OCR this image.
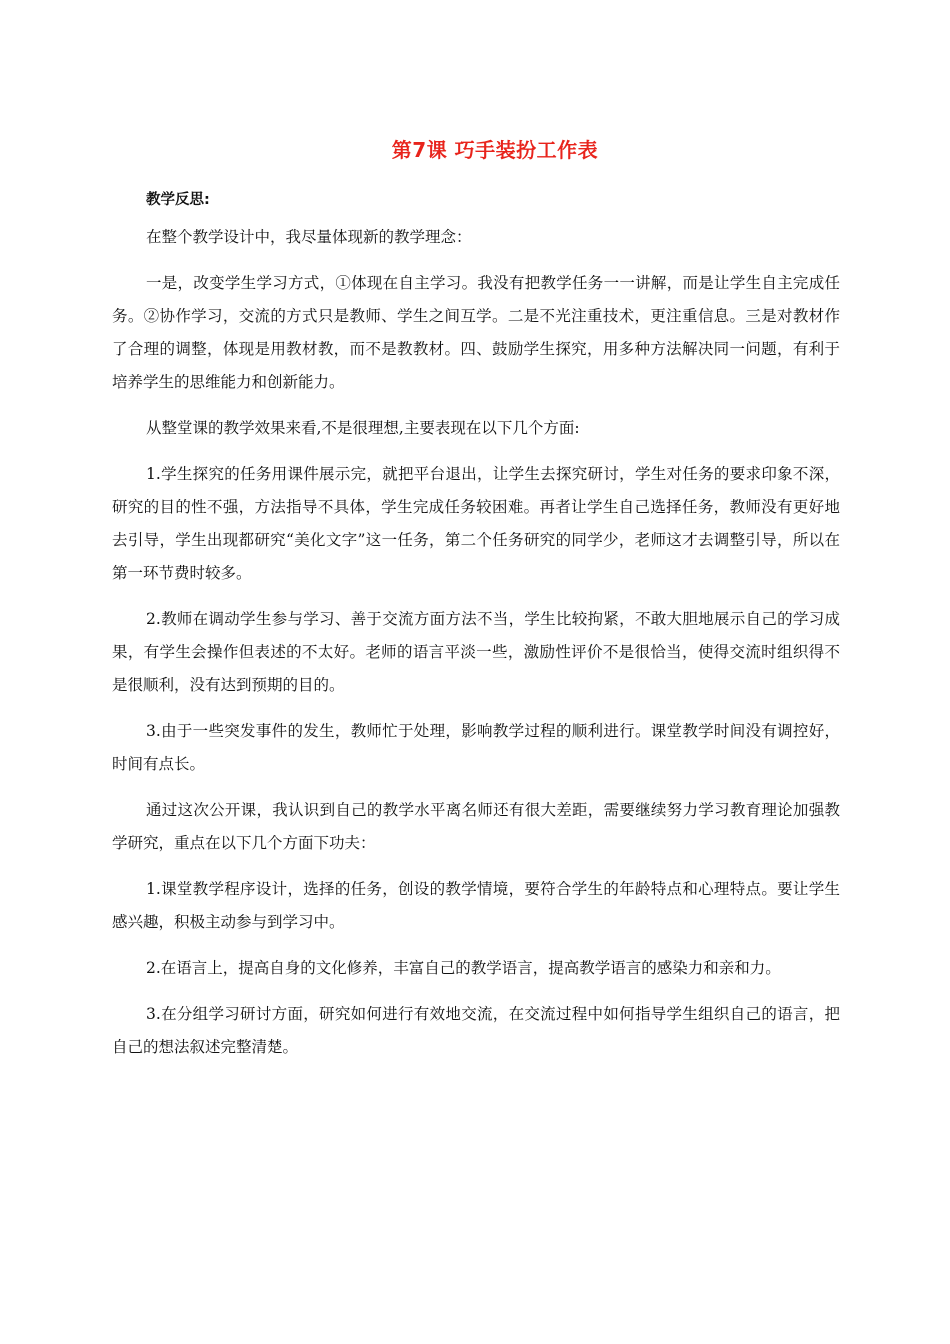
第7课 巧手装扮工作表
教学反思:

在整个教学设计中，我尽量体现新的教学理念：

一是，改变学生学习方式，①体现在自主学习。我没有把教学任务一一讲解，而是让学生自主完成任务。②协作学习，交流的方式只是教师、学生之间互学。二是不光注重技术，更注重信息。三是对教材作了合理的调整，体现是用教材教，而不是教教材。四、鼓励学生探究，用多种方法解决同一问题，有利于培养学生的思维能力和创新能力。

从整堂课的教学效果来看,不是很理想,主要表现在以下几个方面:

1.学生探究的任务用课件展示完，就把平台退出，让学生去探究研讨，学生对任务的要求印象不深，研究的目的性不强，方法指导不具体，学生完成任务较困难。再者让学生自己选择任务，教师没有更好地去引导，学生出现都研究“美化文字”这一任务，第二个任务研究的同学少，老师这才去调整引导，所以在第一环节费时较多。

2.教师在调动学生参与学习、善于交流方面方法不当，学生比较拘紧，不敢大胆地展示自己的学习成果，有学生会操作但表述的不太好。老师的语言平淡一些，激励性评价不是很恰当，使得交流时组织得不是很顺利，没有达到预期的目的。

3.由于一些突发事件的发生，教师忙于处理，影响教学过程的顺利进行。课堂教学时间没有调控好，时间有点长。

通过这次公开课，我认识到自己的教学水平离名师还有很大差距，需要继续努力学习教育理论加强教学研究，重点在以下几个方面下功夫：

1.课堂教学程序设计，选择的任务，创设的教学情境，要符合学生的年龄特点和心理特点。要让学生感兴趣，积极主动参与到学习中。

2.在语言上，提高自身的文化修养，丰富自己的教学语言，提高教学语言的感染力和亲和力。

3.在分组学习研讨方面，研究如何进行有效地交流，在交流过程中如何指导学生组织自己的语言，把自己的想法叙述完整清楚。
